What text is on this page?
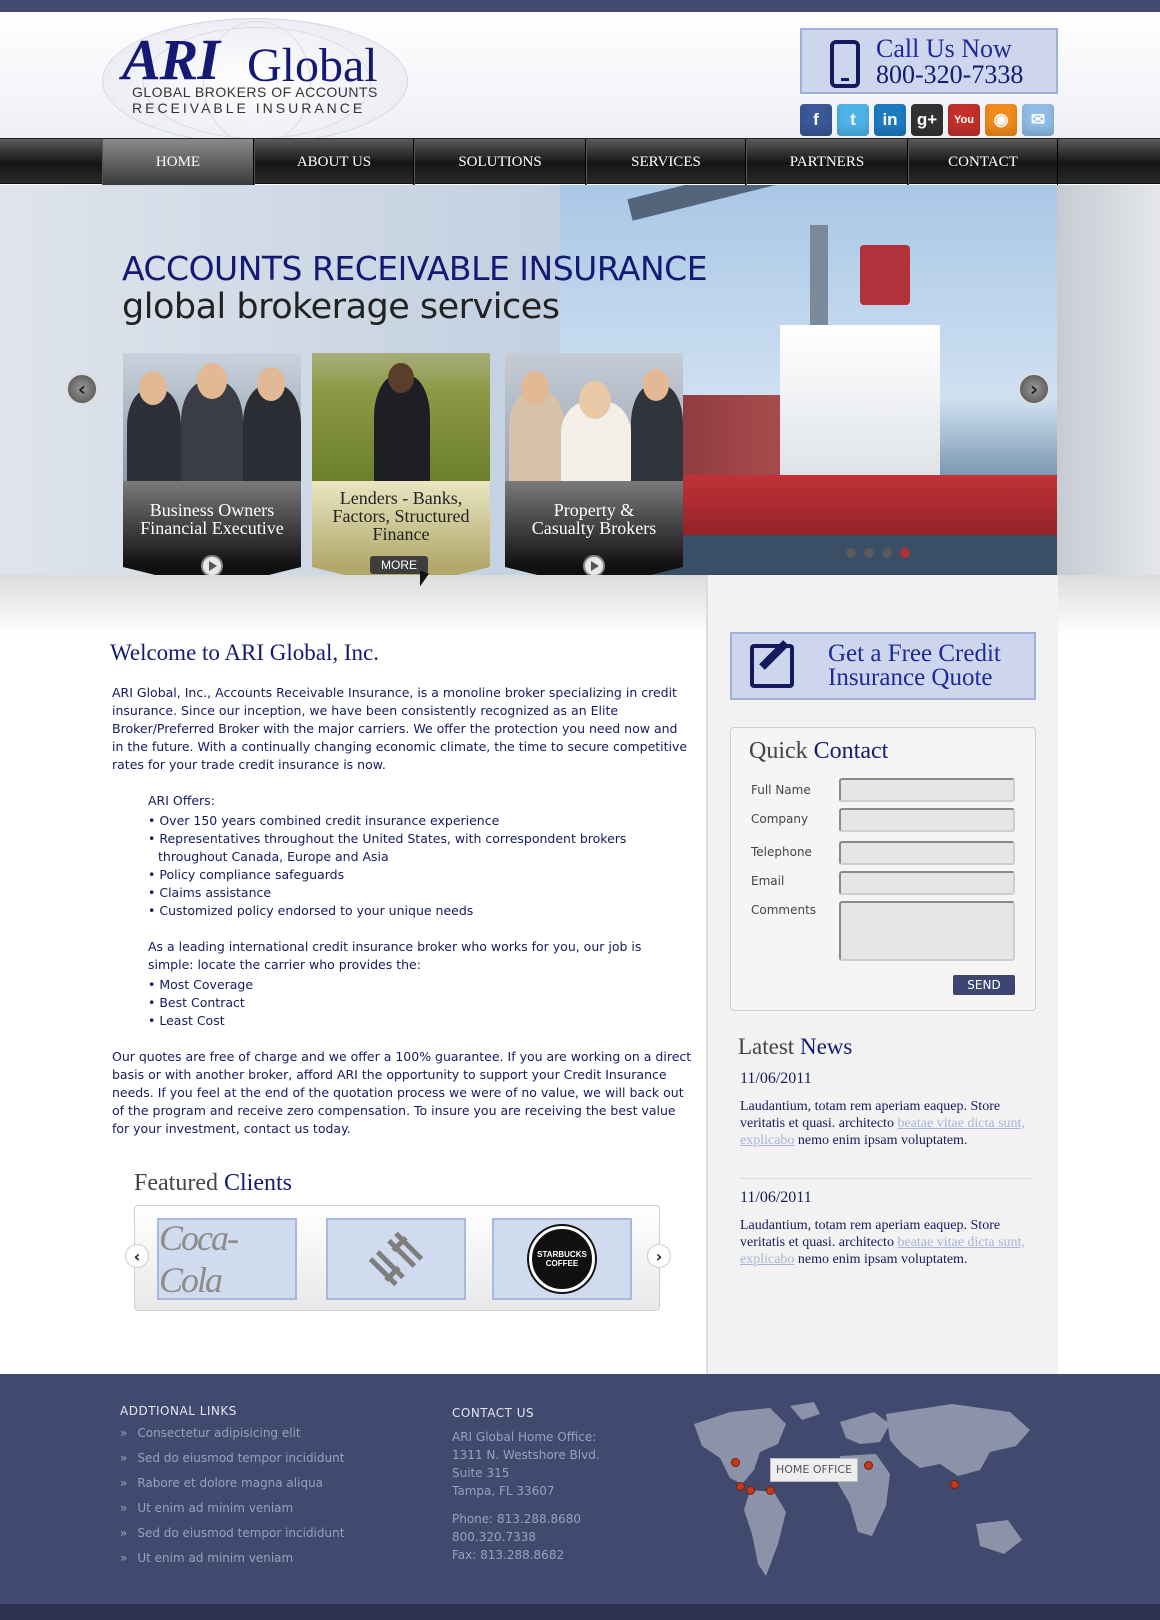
ARI Global
GLOBAL BROKERS OF ACCOUNTS
RECEIVABLE INSURANCE
Call Us Now
800-320-7338
f	t	in	g+	You	◉	✉
HOME	ABOUT US	SOLUTIONS	SERVICES	PARTNERS	CONTACT
ACCOUNTS RECEIVABLE INSURANCE
global brokerage services
‹	›
Business Owners
Financial Executive
Lenders - Banks,
Factors, Structured
Finance
MORE
Property &
Casualty Brokers
Welcome to ARI Global, Inc.
ARI Global, Inc., Accounts Receivable Insurance, is a monoline broker specializing in credit insurance. Since our inception, we have been consistently recognized as an Elite Broker/Preferred Broker with the major carriers. We offer the protection you need now and in the future. With a continually changing economic climate, the time to secure competitive rates for your trade credit insurance is now.
ARI Offers:
• Over 150 years combined credit insurance experience
• Representatives throughout the United States, with correspondent brokers throughout Canada, Europe and Asia
• Policy compliance safeguards
• Claims assistance
• Customized policy endorsed to your unique needs
As a leading international credit insurance broker who works for you, our job is simple: locate the carrier who provides the:
• Most Coverage
• Best Contract
• Least Cost
Our quotes are free of charge and we offer a 100% guarantee. If you are working on a direct basis or with another broker, afford ARI the opportunity to support your Credit Insurance needs. If you feel at the end of the quotation process we were of no value, we will back out of the program and receive zero compensation. To insure you are receiving the best value for your investment, contact us today.
Featured Clients
‹ Coca-Cola
STARBUCKS COFFEE	›
Get a Free Credit
Insurance Quote
Quick Contact
Full Name
Company
Telephone
Email
Comments
SEND
Latest News
11/06/2011
Laudantium, totam rem aperiam eaquep. Store veritatis et quasi. architecto beatae vitae dicta sunt, explicabo nemo enim ipsam voluptatem.
11/06/2011
Laudantium, totam rem aperiam eaquep. Store veritatis et quasi. architecto beatae vitae dicta sunt, explicabo nemo enim ipsam voluptatem.
ADDTIONAL LINKS
» Consectetur adipisicing elit
» Sed do eiusmod tempor incididunt
» Rabore et dolore magna aliqua
» Ut enim ad minim veniam
» Sed do eiusmod tempor incididunt
» Ut enim ad minim veniam
CONTACT US
ARI Global Home Office:
1311 N. Westshore Blvd.
Suite 315
Tampa, FL 33607
Phone: 813.288.8680
800.320.7338
Fax: 813.288.8682
HOME OFFICE
